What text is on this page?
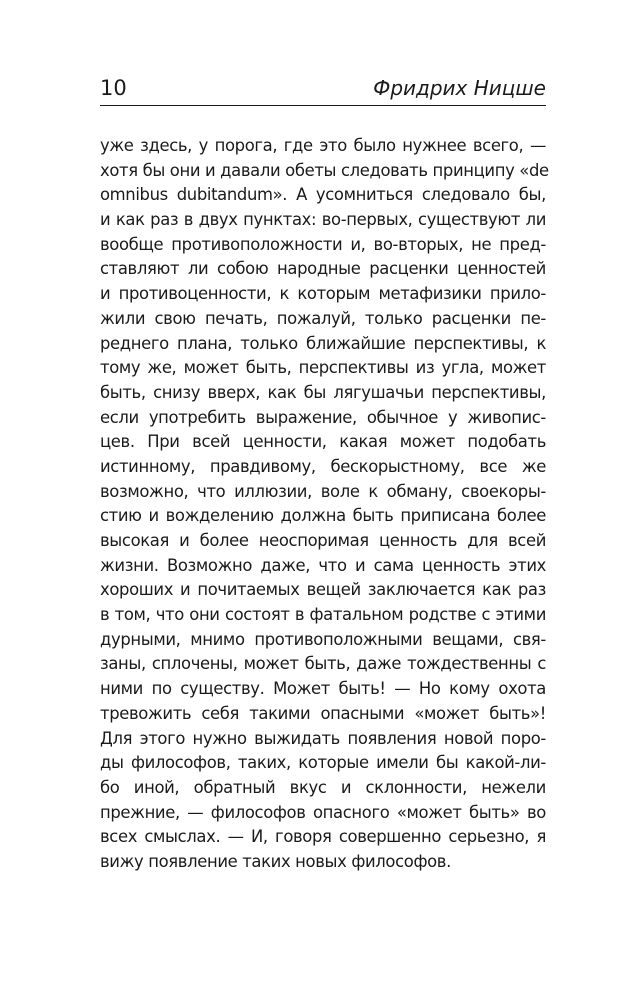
10	Фридрих Ницше
уже здесь, у порога, где это было нужнее всего, —
хотя бы они и давали обеты следовать принципу «de
omnibus dubitandum». А усомниться следовало бы,
и как раз в двух пунктах: во-первых, существуют ли
вообще противоположности и, во-вторых, не пред-
ставляют ли собою народные расценки ценностей
и противоценности, к которым метафизики прило-
жили свою печать, пожалуй, только расценки пе-
реднего плана, только ближайшие перспективы, к
тому же, может быть, перспективы из угла, может
быть, снизу вверх, как бы лягушачьи перспективы,
если употребить выражение, обычное у живопис-
цев. При всей ценности, какая может подобать
истинному, правдивому, бескорыстному, все же
возможно, что иллюзии, воле к обману, своекоры-
стию и вожделению должна быть приписана более
высокая и более неоспоримая ценность для всей
жизни. Возможно даже, что и сама ценность этих
хороших и почитаемых вещей заключается как раз
в том, что они состоят в фатальном родстве с этими
дурными, мнимо противоположными вещами, свя-
заны, сплочены, может быть, даже тождественны с
ними по существу. Может быть! — Но кому охота
тревожить себя такими опасными «может быть»!
Для этого нужно выжидать появления новой поро-
ды философов, таких, которые имели бы какой-ли-
бо иной, обратный вкус и склонности, нежели
прежние, — философов опасного «может быть» во
всех смыслах. — И, говоря совершенно серьезно, я
вижу появление таких новых философов.
